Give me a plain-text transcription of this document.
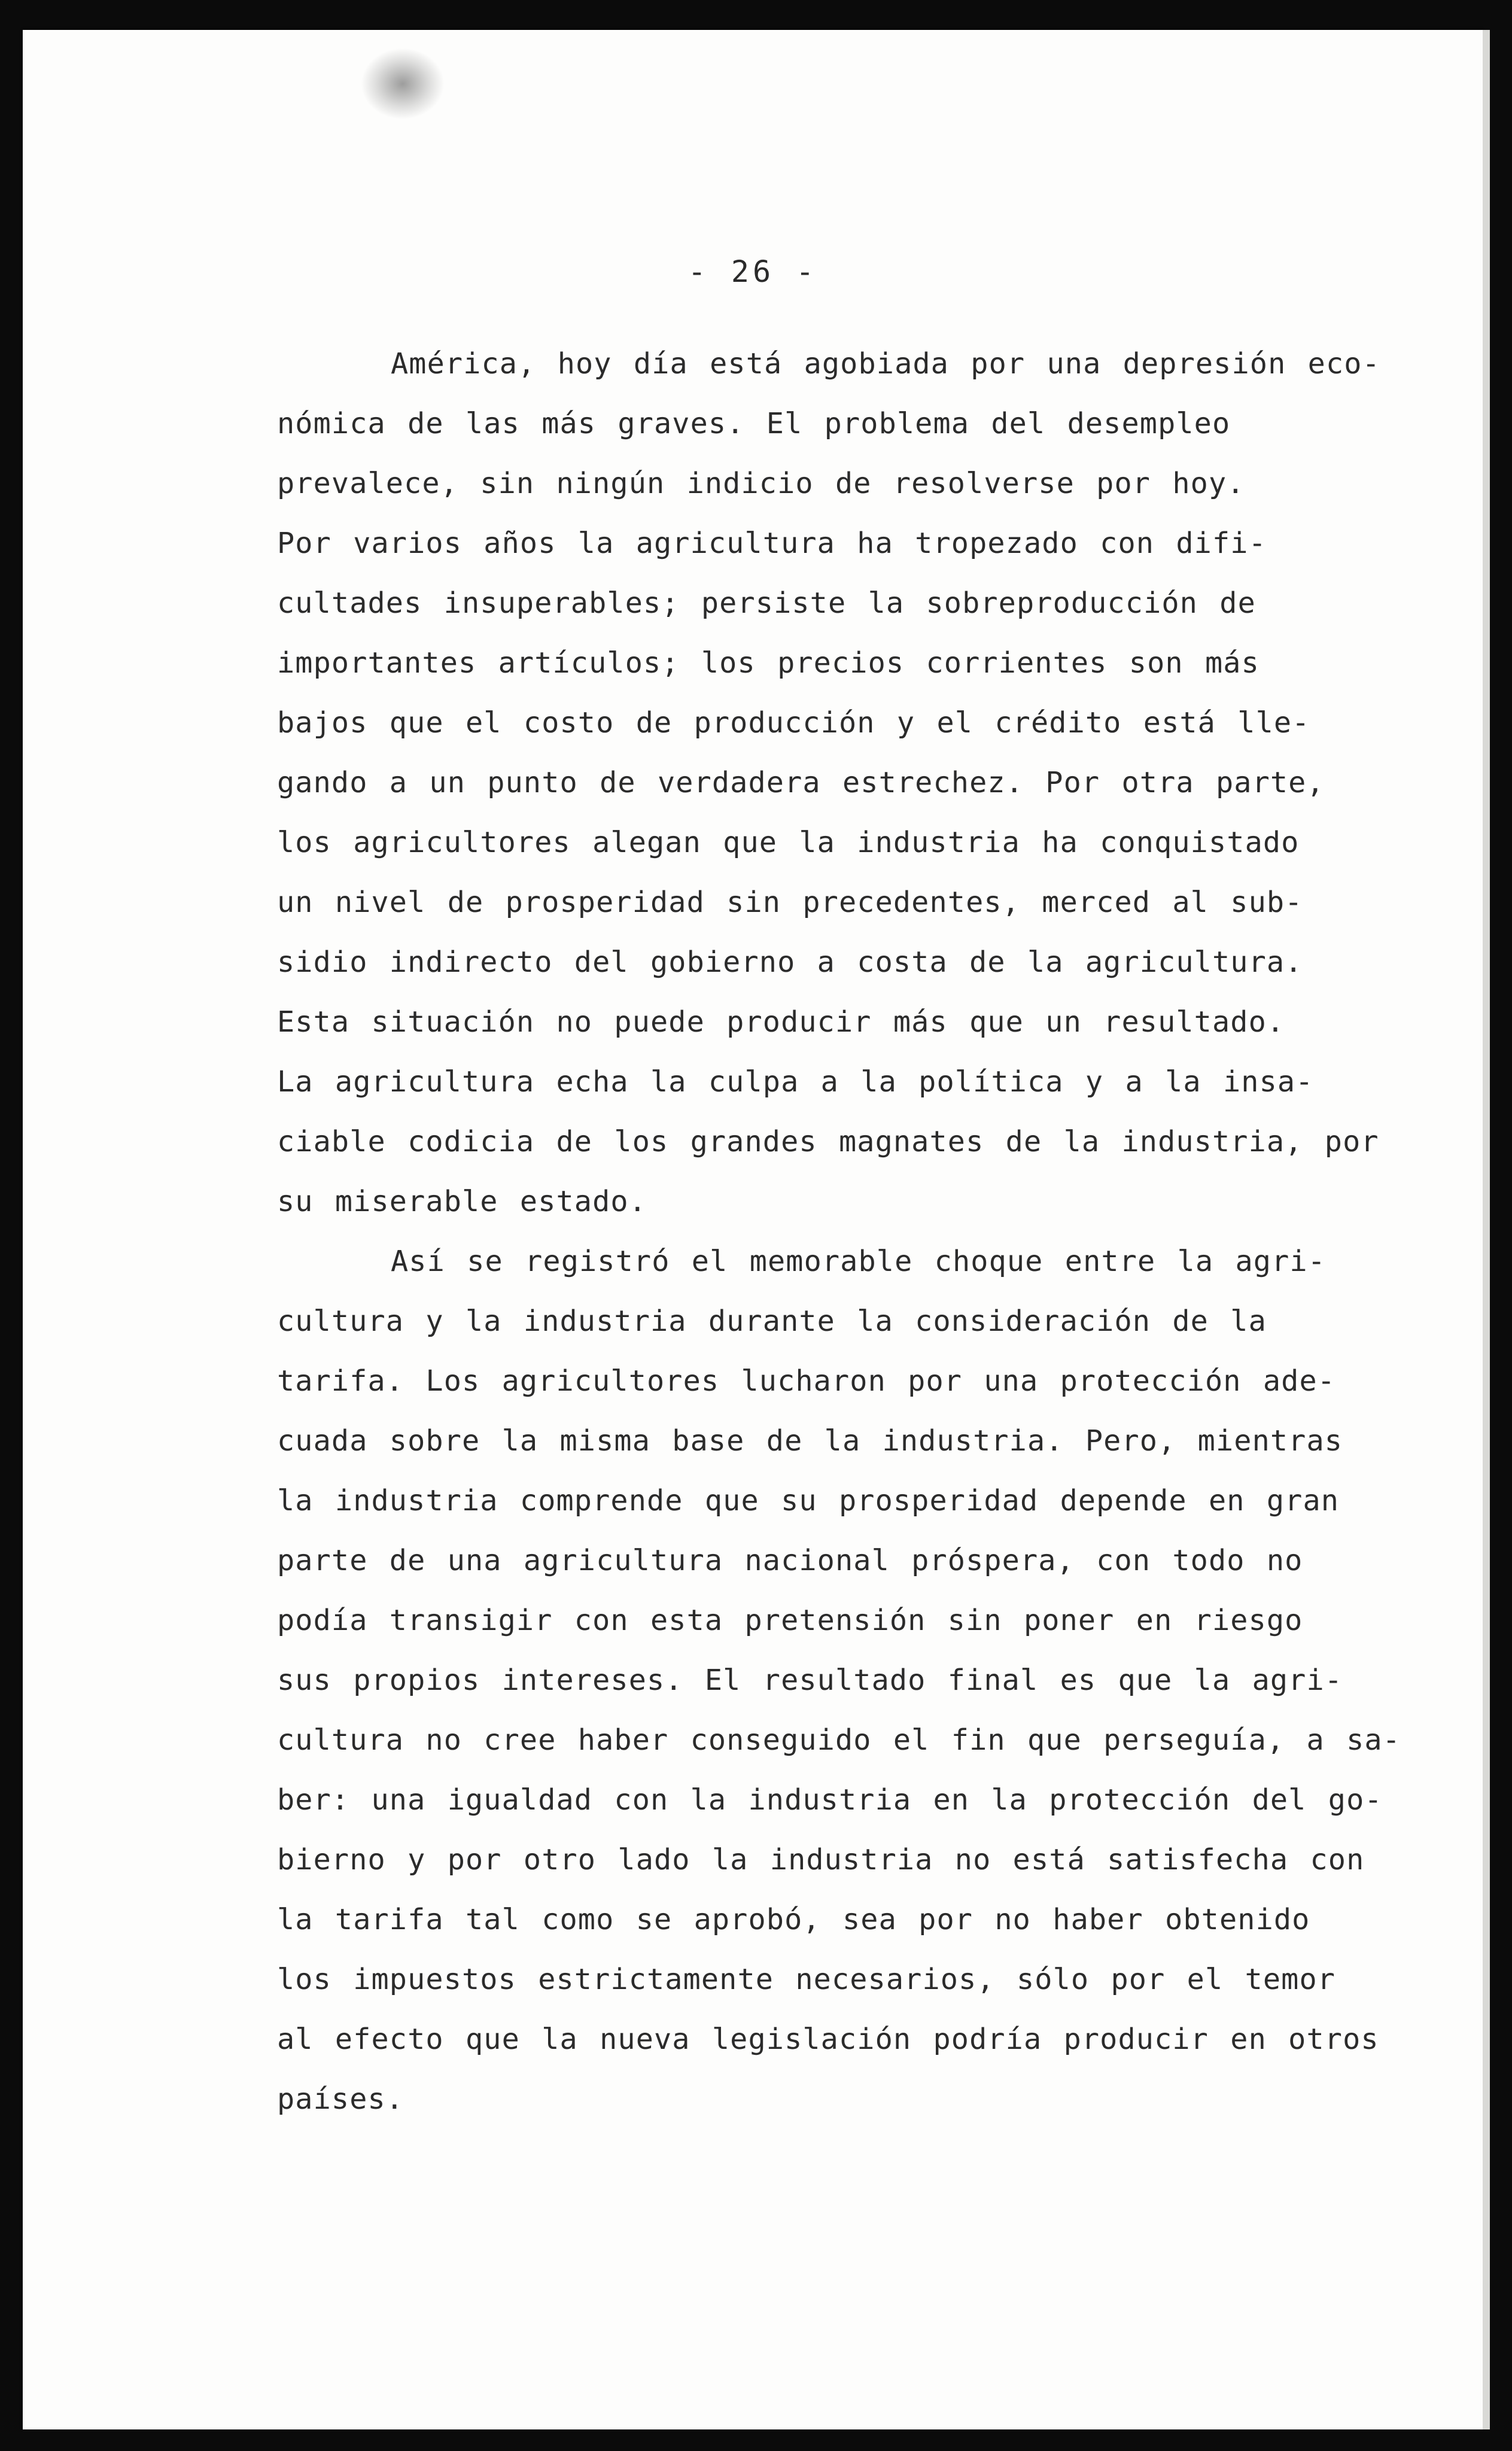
- 26 -
América, hoy día está agobiada por una depresión eco-
nómica de las más graves. El problema del desempleo
prevalece, sin ningún indicio de resolverse por hoy.
Por varios años la agricultura ha tropezado con difi-
cultades insuperables; persiste la sobreproducción de
importantes artículos; los precios corrientes son más
bajos que el costo de producción y el crédito está lle-
gando a un punto de verdadera estrechez. Por otra parte,
los agricultores alegan que la industria ha conquistado
un nivel de prosperidad sin precedentes, merced al sub-
sidio indirecto del gobierno a costa de la agricultura.
Esta situación no puede producir más que un resultado.
La agricultura echa la culpa a la política y a la insa-
ciable codicia de los grandes magnates de la industria, por
su miserable estado.
Así se registró el memorable choque entre la agri-
cultura y la industria durante la consideración de la
tarifa. Los agricultores lucharon por una protección ade-
cuada sobre la misma base de la industria. Pero, mientras
la industria comprende que su prosperidad depende en gran
parte de una agricultura nacional próspera, con todo no
podía transigir con esta pretensión sin poner en riesgo
sus propios intereses. El resultado final es que la agri-
cultura no cree haber conseguido el fin que perseguía, a sa-
ber: una igualdad con la industria en la protección del go-
bierno y por otro lado la industria no está satisfecha con
la tarifa tal como se aprobó, sea por no haber obtenido
los impuestos estrictamente necesarios, sólo por el temor
al efecto que la nueva legislación podría producir en otros
países.
